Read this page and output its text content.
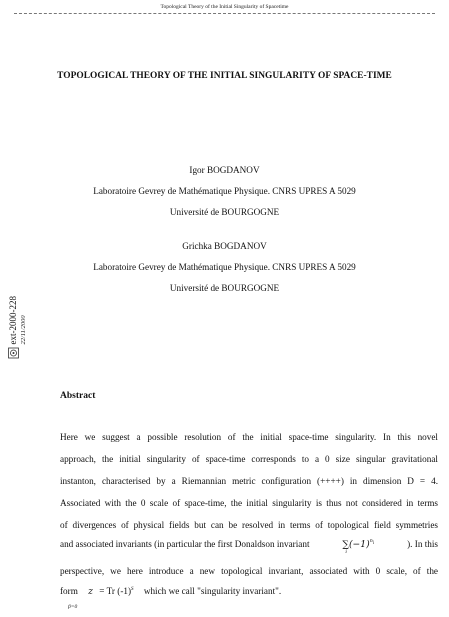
Topological Theory of the Initial Singularity of Spacetime
TOPOLOGICAL THEORY OF THE INITIAL SINGULARITY OF SPACE-TIME
Igor BOGDANOV
Laboratoire Gevrey de Mathématique Physique. CNRS UPRES A 5029
Université de BOURGOGNE
Grichka BOGDANOV
Laboratoire Gevrey de Mathématique Physique. CNRS UPRES A 5029
Université de BOURGOGNE
ext-2000-228 22/11/2000
Abstract
Here we suggest a possible resolution of the initial space-time singularity. In this novel
approach, the initial singularity of space-time corresponds to a 0 size singular gravitational
instanton, characterised by a Riemannian metric configuration (++++) in dimension D = 4.
Associated with the 0 scale of space-time, the initial singularity is thus not considered in terms
of divergences of physical fields but can be resolved in terms of topological field symmetries
and associated invariants (in particular the first Donaldson invariant	∑(−1)
i
$^{n_i}$	). In this
perspective, we here introduce a new topological invariant, associated with 0 scale, of the
form z = Tr $(-1)^S$ which we call "singularity invariant".
β=0
